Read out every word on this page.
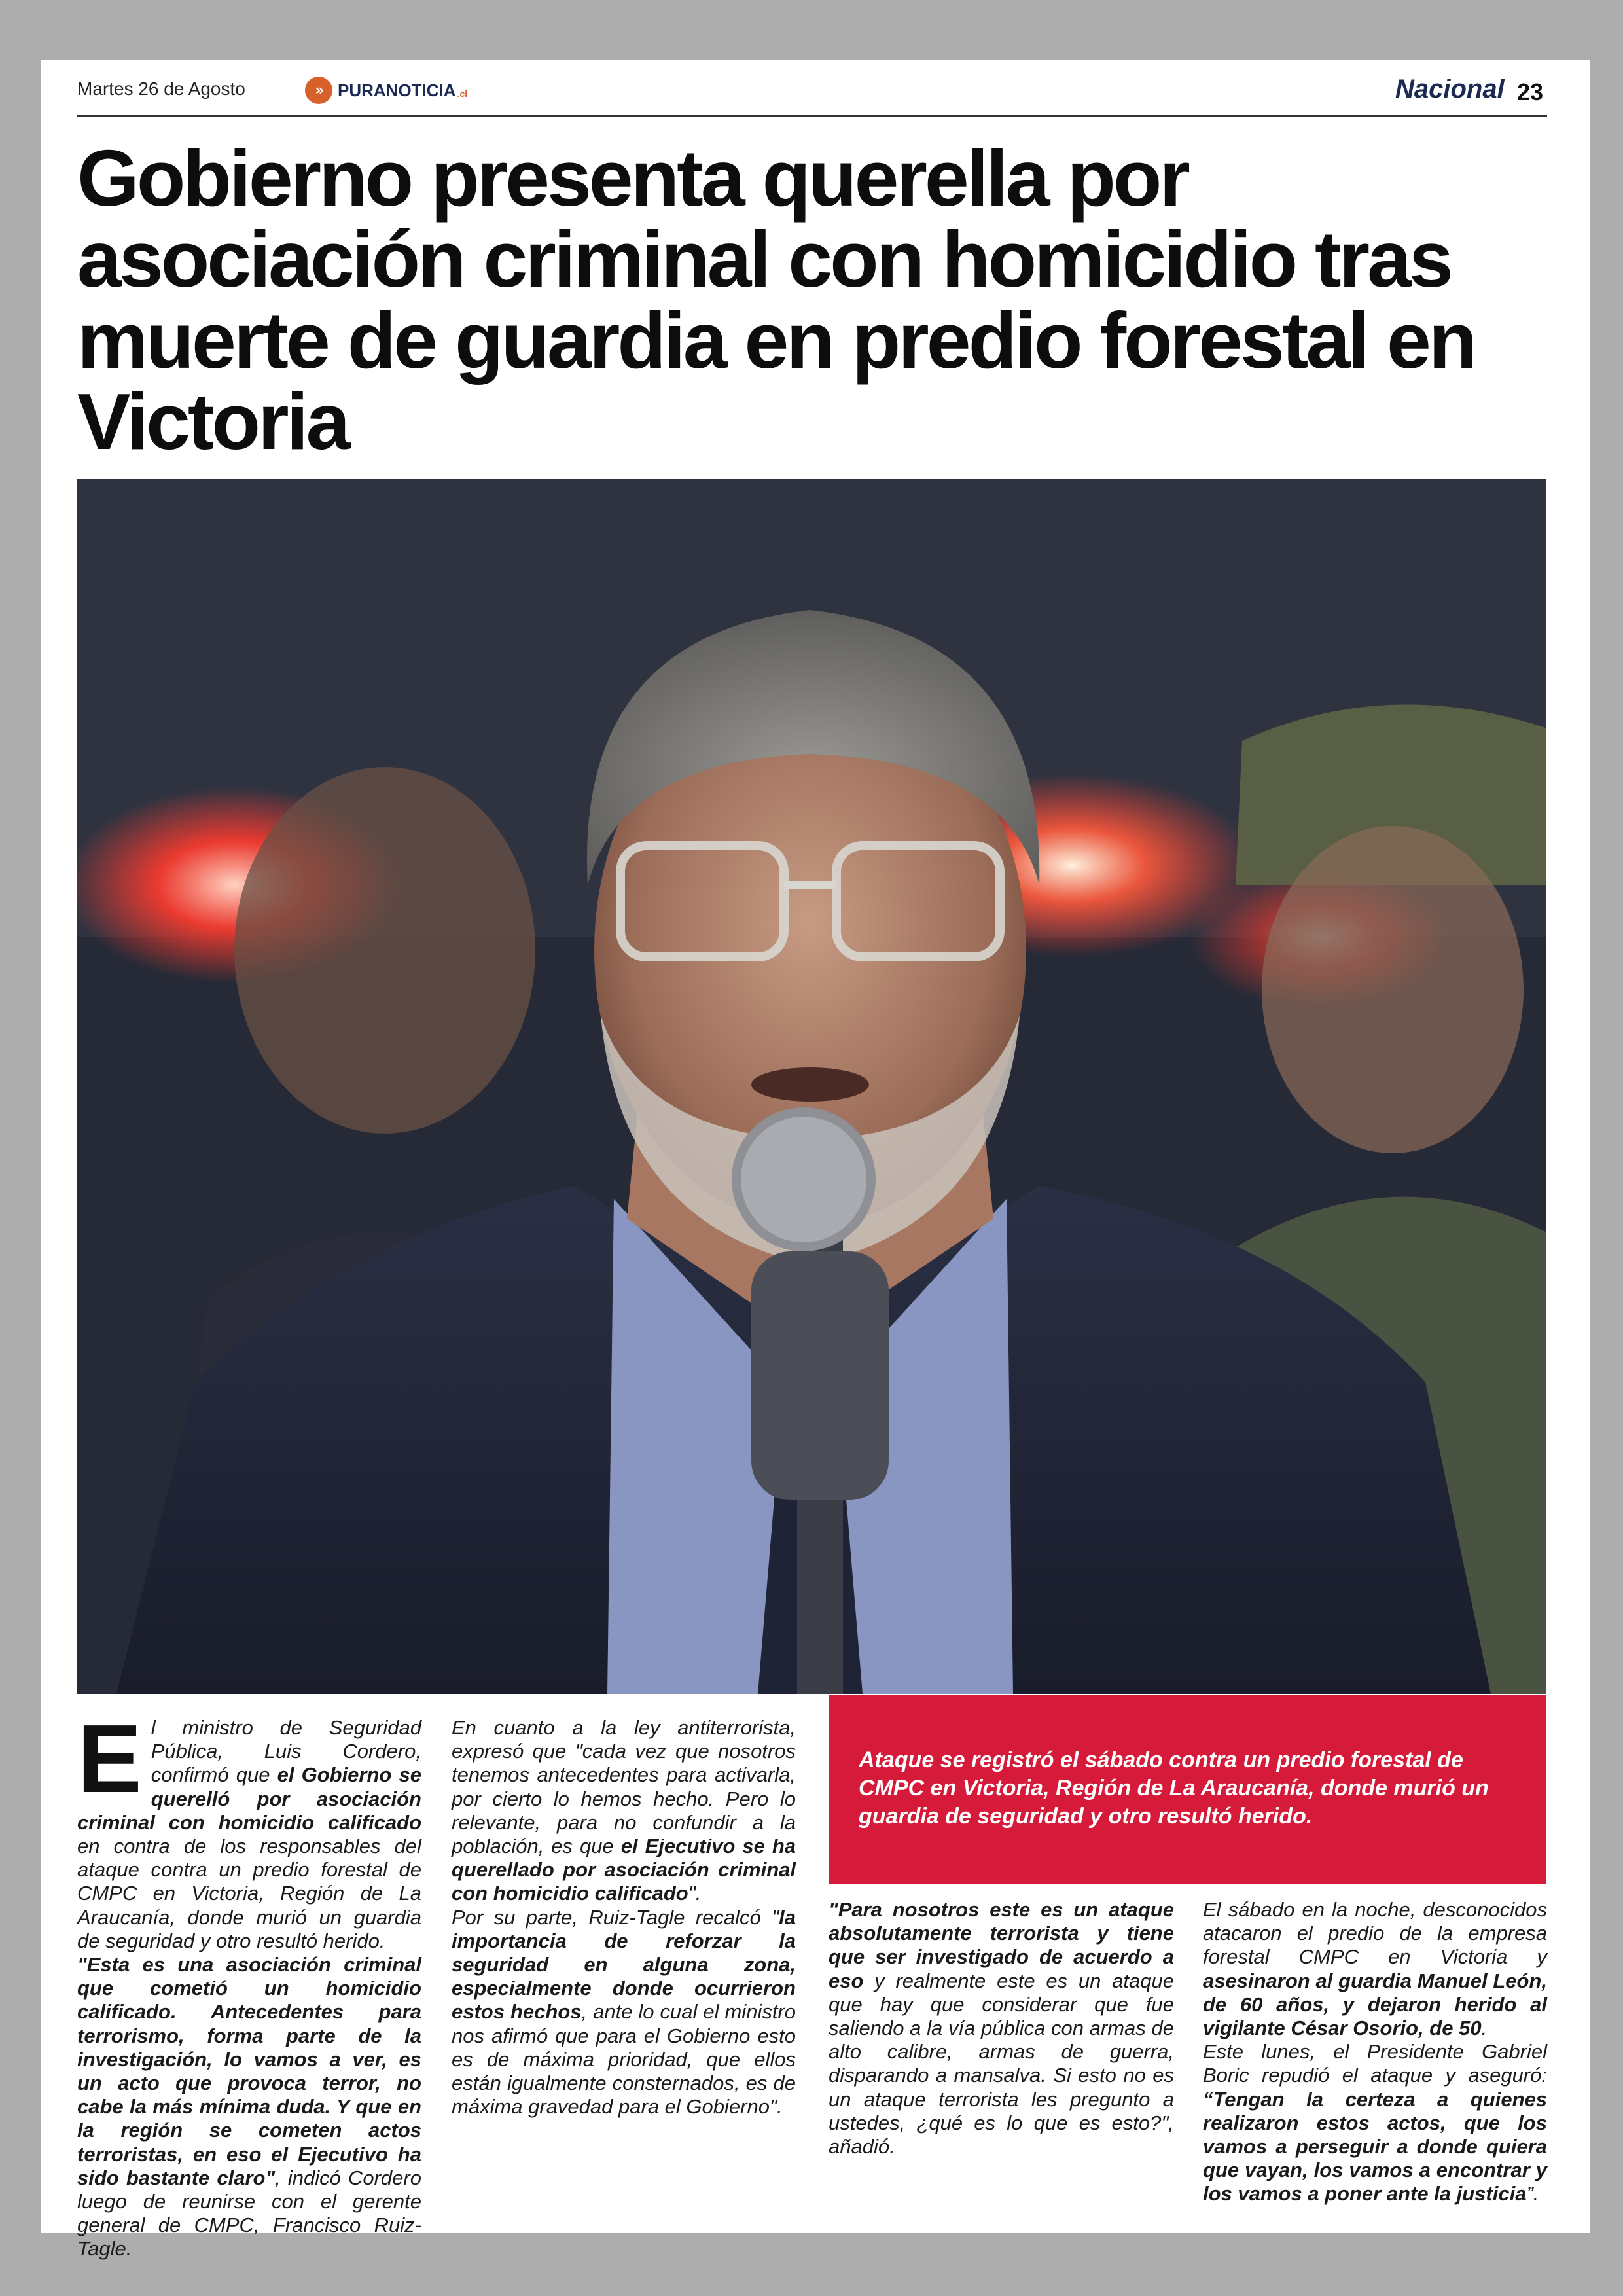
Martes 26 de Agosto	» PURANOTICIA .cl	Nacional 23
Gobierno presenta querella por asociación criminal con homicidio tras muerte de guardia en predio forestal en Victoria
Ataque se registró el sábado contra un predio forestal de CMPC en Victoria, Región de La Araucanía, donde murió un guardia de seguridad y otro resultó herido.
E l ministro de Seguridad Pública, Luis Cordero, confirmó que el Gobierno se querelló por asociación criminal con homicidio calificado en contra de los responsables del ataque contra un predio forestal de CMPC en Victoria, Región de La Araucanía, donde murió un guardia de seguridad y otro resultó herido.
"Esta es una asociación criminal que cometió un homicidio calificado. Antecedentes para terrorismo, forma parte de la investigación, lo vamos a ver, es un acto que provoca terror, no cabe la más mínima duda. Y que en la región se cometen actos terroristas, en eso el Ejecutivo ha sido bastante claro", indicó Cordero luego de reunirse con el gerente general de CMPC, Francisco Ruiz-Tagle.
En cuanto a la ley antiterrorista, expresó que "cada vez que nosotros tenemos antecedentes para activarla, por cierto lo hemos hecho. Pero lo relevante, para no confundir a la población, es que el Ejecutivo se ha querellado por asociación criminal con homicidio calificado".
Por su parte, Ruiz-Tagle recalcó "la importancia de reforzar la seguridad en alguna zona, especialmente donde ocurrieron estos hechos, ante lo cual el ministro nos afirmó que para el Gobierno esto es de máxima prioridad, que ellos están igualmente consternados, es de máxima gravedad para el Gobierno".
"Para nosotros este es un ataque absolutamente terrorista y tiene que ser investigado de acuerdo a eso y realmente este es un ataque que hay que considerar que fue saliendo a la vía pública con armas de alto calibre, armas de guerra, disparando a mansalva. Si esto no es un ataque terrorista les pregunto a ustedes, ¿qué es lo que es esto?", añadió.
El sábado en la noche, desconocidos atacaron el predio de la empresa forestal CMPC en Victoria y asesinaron al guardia Manuel León, de 60 años, y dejaron herido al vigilante César Osorio, de 50.
Este lunes, el Presidente Gabriel Boric repudió el ataque y aseguró: “Tengan la certeza a quienes realizaron estos actos, que los vamos a perseguir a donde quiera que vayan, los vamos a encontrar y los vamos a poner ante la justicia”.
